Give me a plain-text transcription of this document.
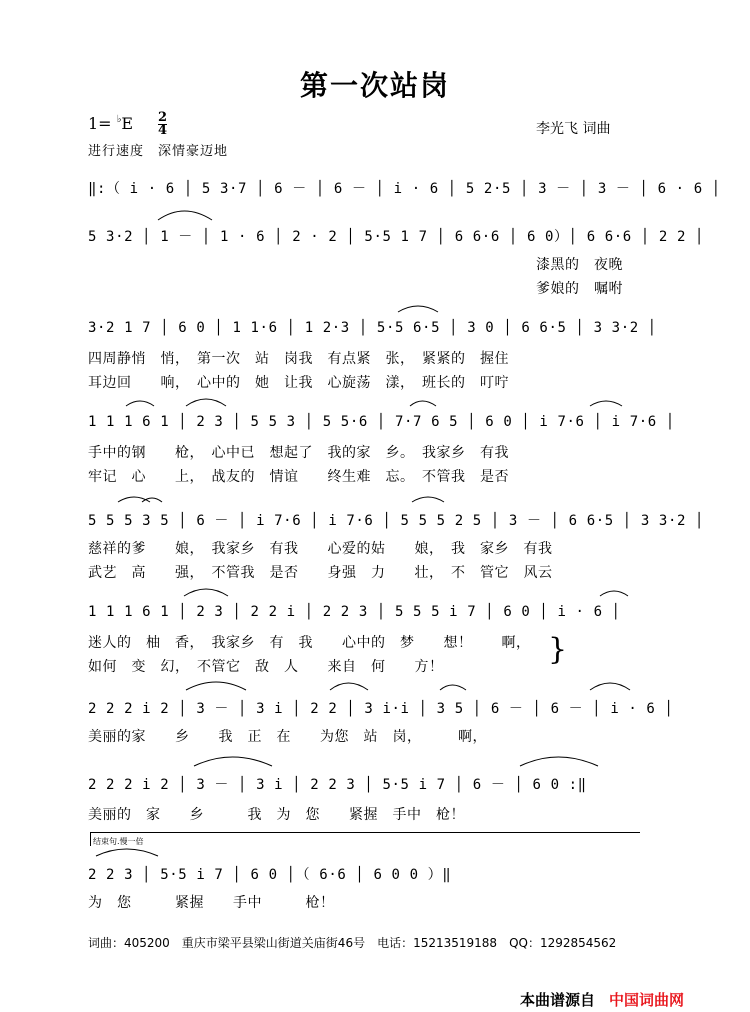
第一次站岗
1= ♭E 2
4	李光飞 词曲
进行速度　深情豪迈地
‖:（ i · 6 │ 5 3·7 │ 6 － │ 6 － │ i · 6 │ 5 2·5 │ 3 － │ 3 － │ 6 · 6 │
5 3·2 │ 1 － │ 1 · 6 │ 2 · 2 │ 5·5 1 7 │ 6 6·6 │ 6 0）│ 6 6·6 │ 2 2 │
漆黑的　夜晚
爹娘的　嘱咐
3·2 1 7 │ 6 0 │ 1 1·6 │ 1 2·3 │ 5·5 6·5 │ 3 0 │ 6 6·5 │ 3 3·2 │
四周静悄　悄，　第一次　站　岗我　有点紧　张，　紧紧的　握住
耳边回　　响，　心中的　她　让我　心旋荡　漾，　班长的　叮咛
1 1 1 6 1 │ 2 3 │ 5 5 3 │ 5 5·6 │ 7·7 6 5 │ 6 0 │ i 7·6 │ i 7·6 │
手中的钢　　枪，　心中已　想起了　我的家　乡。　我家乡　有我
牢记　心　　上，　战友的　情谊　　终生难　忘。　不管我　是否
5 5 5 3 5 │ 6 － │ i 7·6 │ i 7·6 │ 5 5 5 2 5 │ 3 － │ 6 6·5 │ 3 3·2 │
慈祥的爹　　娘，　我家乡　有我　　心爱的姑　　娘，　我　家乡　有我
武艺　高　　强，　不管我　是否　　身强　力　　壮，　不　管它　风云
1 1 1 6 1 │ 2 3 │ 2 2 i │ 2 2 3 │ 5 5 5 i 7 │ 6 0 │ i · 6 │
迷人的　柚　香，　我家乡　有　我　　心中的　梦　　想！　　啊，
如何　变　幻，　不管它　敌　人　　来自　何　　方！
2 2 2 i 2 │ 3 － │ 3 i │ 2 2 │ 3 i·i │ 3 5 │ 6 － │ 6 － │ i · 6 │
美丽的家　　乡　　我　正　在　　为您　站　岗，　　　啊，
2 2 2 i 2 │ 3 － │ 3 i │ 2 2 3 │ 5·5 i 7 │ 6 － │ 6 0 :‖
美丽的　家　　乡　　　我　为　您　　紧握　手中　枪！
结束句.慢一倍
2 2 3 │ 5·5 i 7 │ 6 0 │（ 6·6 │ 6 0 0 ）‖
为　您　　　紧握　　手中　　　枪！
}
词曲：405200　重庆市梁平县梁山街道关庙街46号　电话：15213519188　QQ：1292854562
本曲谱源自 中国词曲网
